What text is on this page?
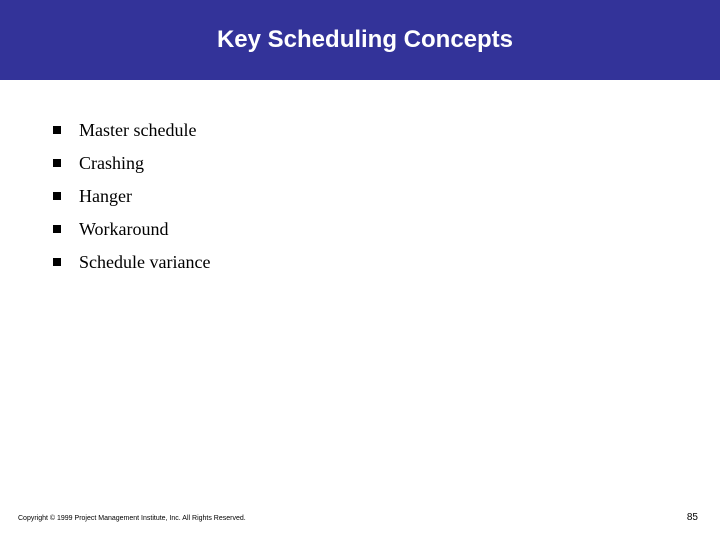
Key Scheduling Concepts
Master schedule
Crashing
Hanger
Workaround
Schedule variance
Copyright © 1999 Project Management Institute, Inc. All Rights Reserved.	85
